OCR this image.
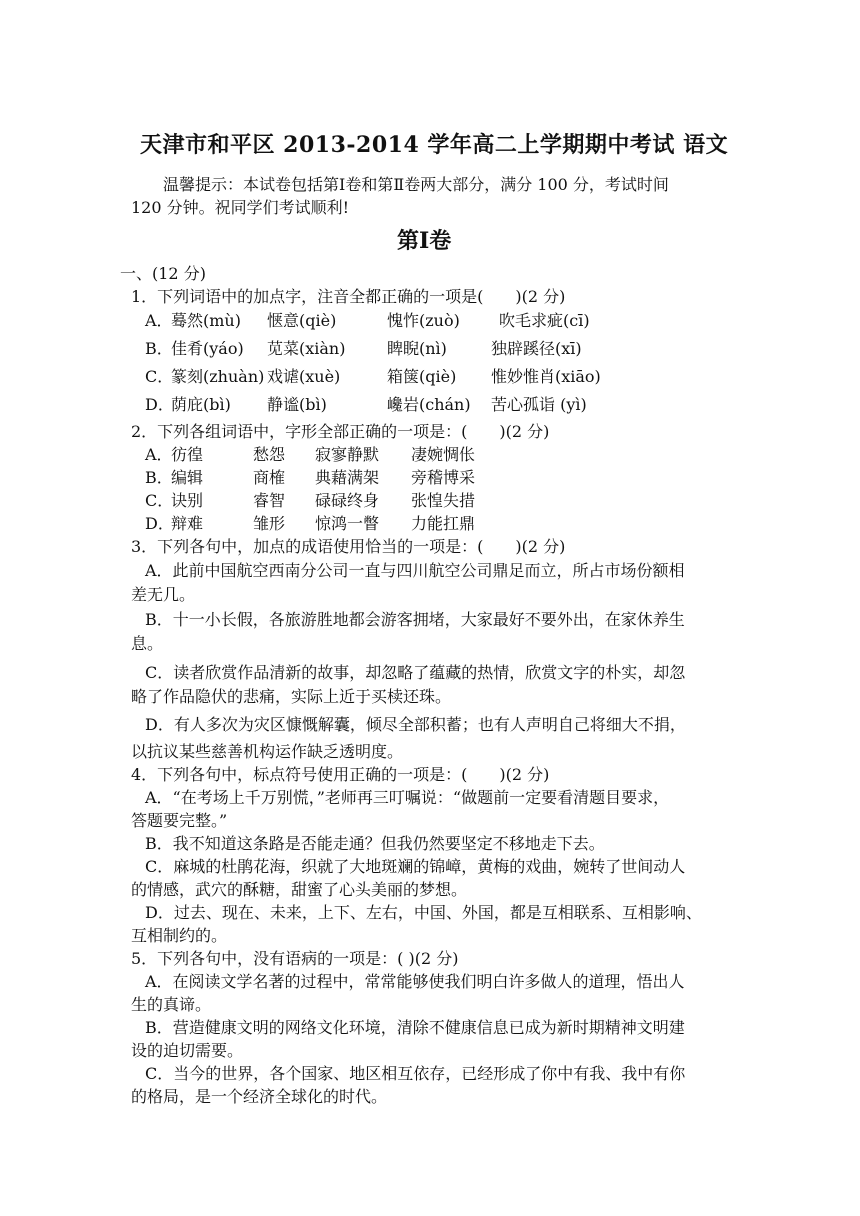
天津市和平区 2013-2014 学年高二上学期期中考试 语文
温馨提示：本试卷包括第Ⅰ卷和第Ⅱ卷两大部分，满分 100 分，考试时间
120 分钟。祝同学们考试顺利!
第Ⅰ卷
一、(12 分)
1．下列词语中的加点字，注音全都正确的一项是(　　)(2 分)
A．蓦然(mù) 惬意(qiè)	愧怍(zuò) 吹毛求疵(cī)
B．佳肴(yáo) 苋菜(xiàn)	睥睨(nì)	独辟蹊径(xī)
C．篆刻(zhuàn) 戏谑(xuè)	箱箧(qiè) 惟妙惟肖(xiāo)
D．荫庇(bì) 静谧(bì)	巉岩(chán) 苦心孤诣 (yì)
2．下列各组词语中，字形全部正确的一项是：(　　)(2 分)
A．彷徨	愁怨 寂寥静默 凄婉惆伥
B．编辑	商榷 典藉满架 旁稽博采
C．诀别	睿智 碌碌终身 张惶失措
D．辩难	雏形 惊鸿一瞥 力能扛鼎
3．下列各句中，加点的成语使用恰当的一项是：(　　)(2 分)
A．此前中国航空西南分公司一直与四川航空公司鼎足而立，所占市场份额相
差无几。
B．十一小长假，各旅游胜地都会游客拥堵，大家最好不要外出，在家休养生
息。
C．读者欣赏作品清新的故事，却忽略了蕴藏的热情，欣赏文字的朴实，却忽
略了作品隐伏的悲痛，实际上近于买椟还珠。
D．有人多次为灾区慷慨解囊，倾尽全部积蓄；也有人声明自己将细大不捐，
以抗议某些慈善机构运作缺乏透明度。
4．下列各句中，标点符号使用正确的一项是：(　　)(2 分)
A．“在考场上千万别慌，”老师再三叮嘱说：“做题前一定要看清题目要求，
答题要完整。”
B．我不知道这条路是否能走通？但我仍然要坚定不移地走下去。
C．麻城的杜鹃花海，织就了大地斑斓的锦嶂，黄梅的戏曲，婉转了世间动人
的情感，武穴的酥糖，甜蜜了心头美丽的梦想。
D．过去、现在、未来，上下、左右，中国、外国，都是互相联系、互相影响、
互相制约的。
5．下列各句中，没有语病的一项是：( )(2 分)
A．在阅读文学名著的过程中，常常能够使我们明白许多做人的道理，悟出人
生的真谛。
B．营造健康文明的网络文化环境，清除不健康信息已成为新时期精神文明建
设的迫切需要。
C．当今的世界，各个国家、地区相互依存，已经形成了你中有我、我中有你
的格局，是一个经济全球化的时代。
